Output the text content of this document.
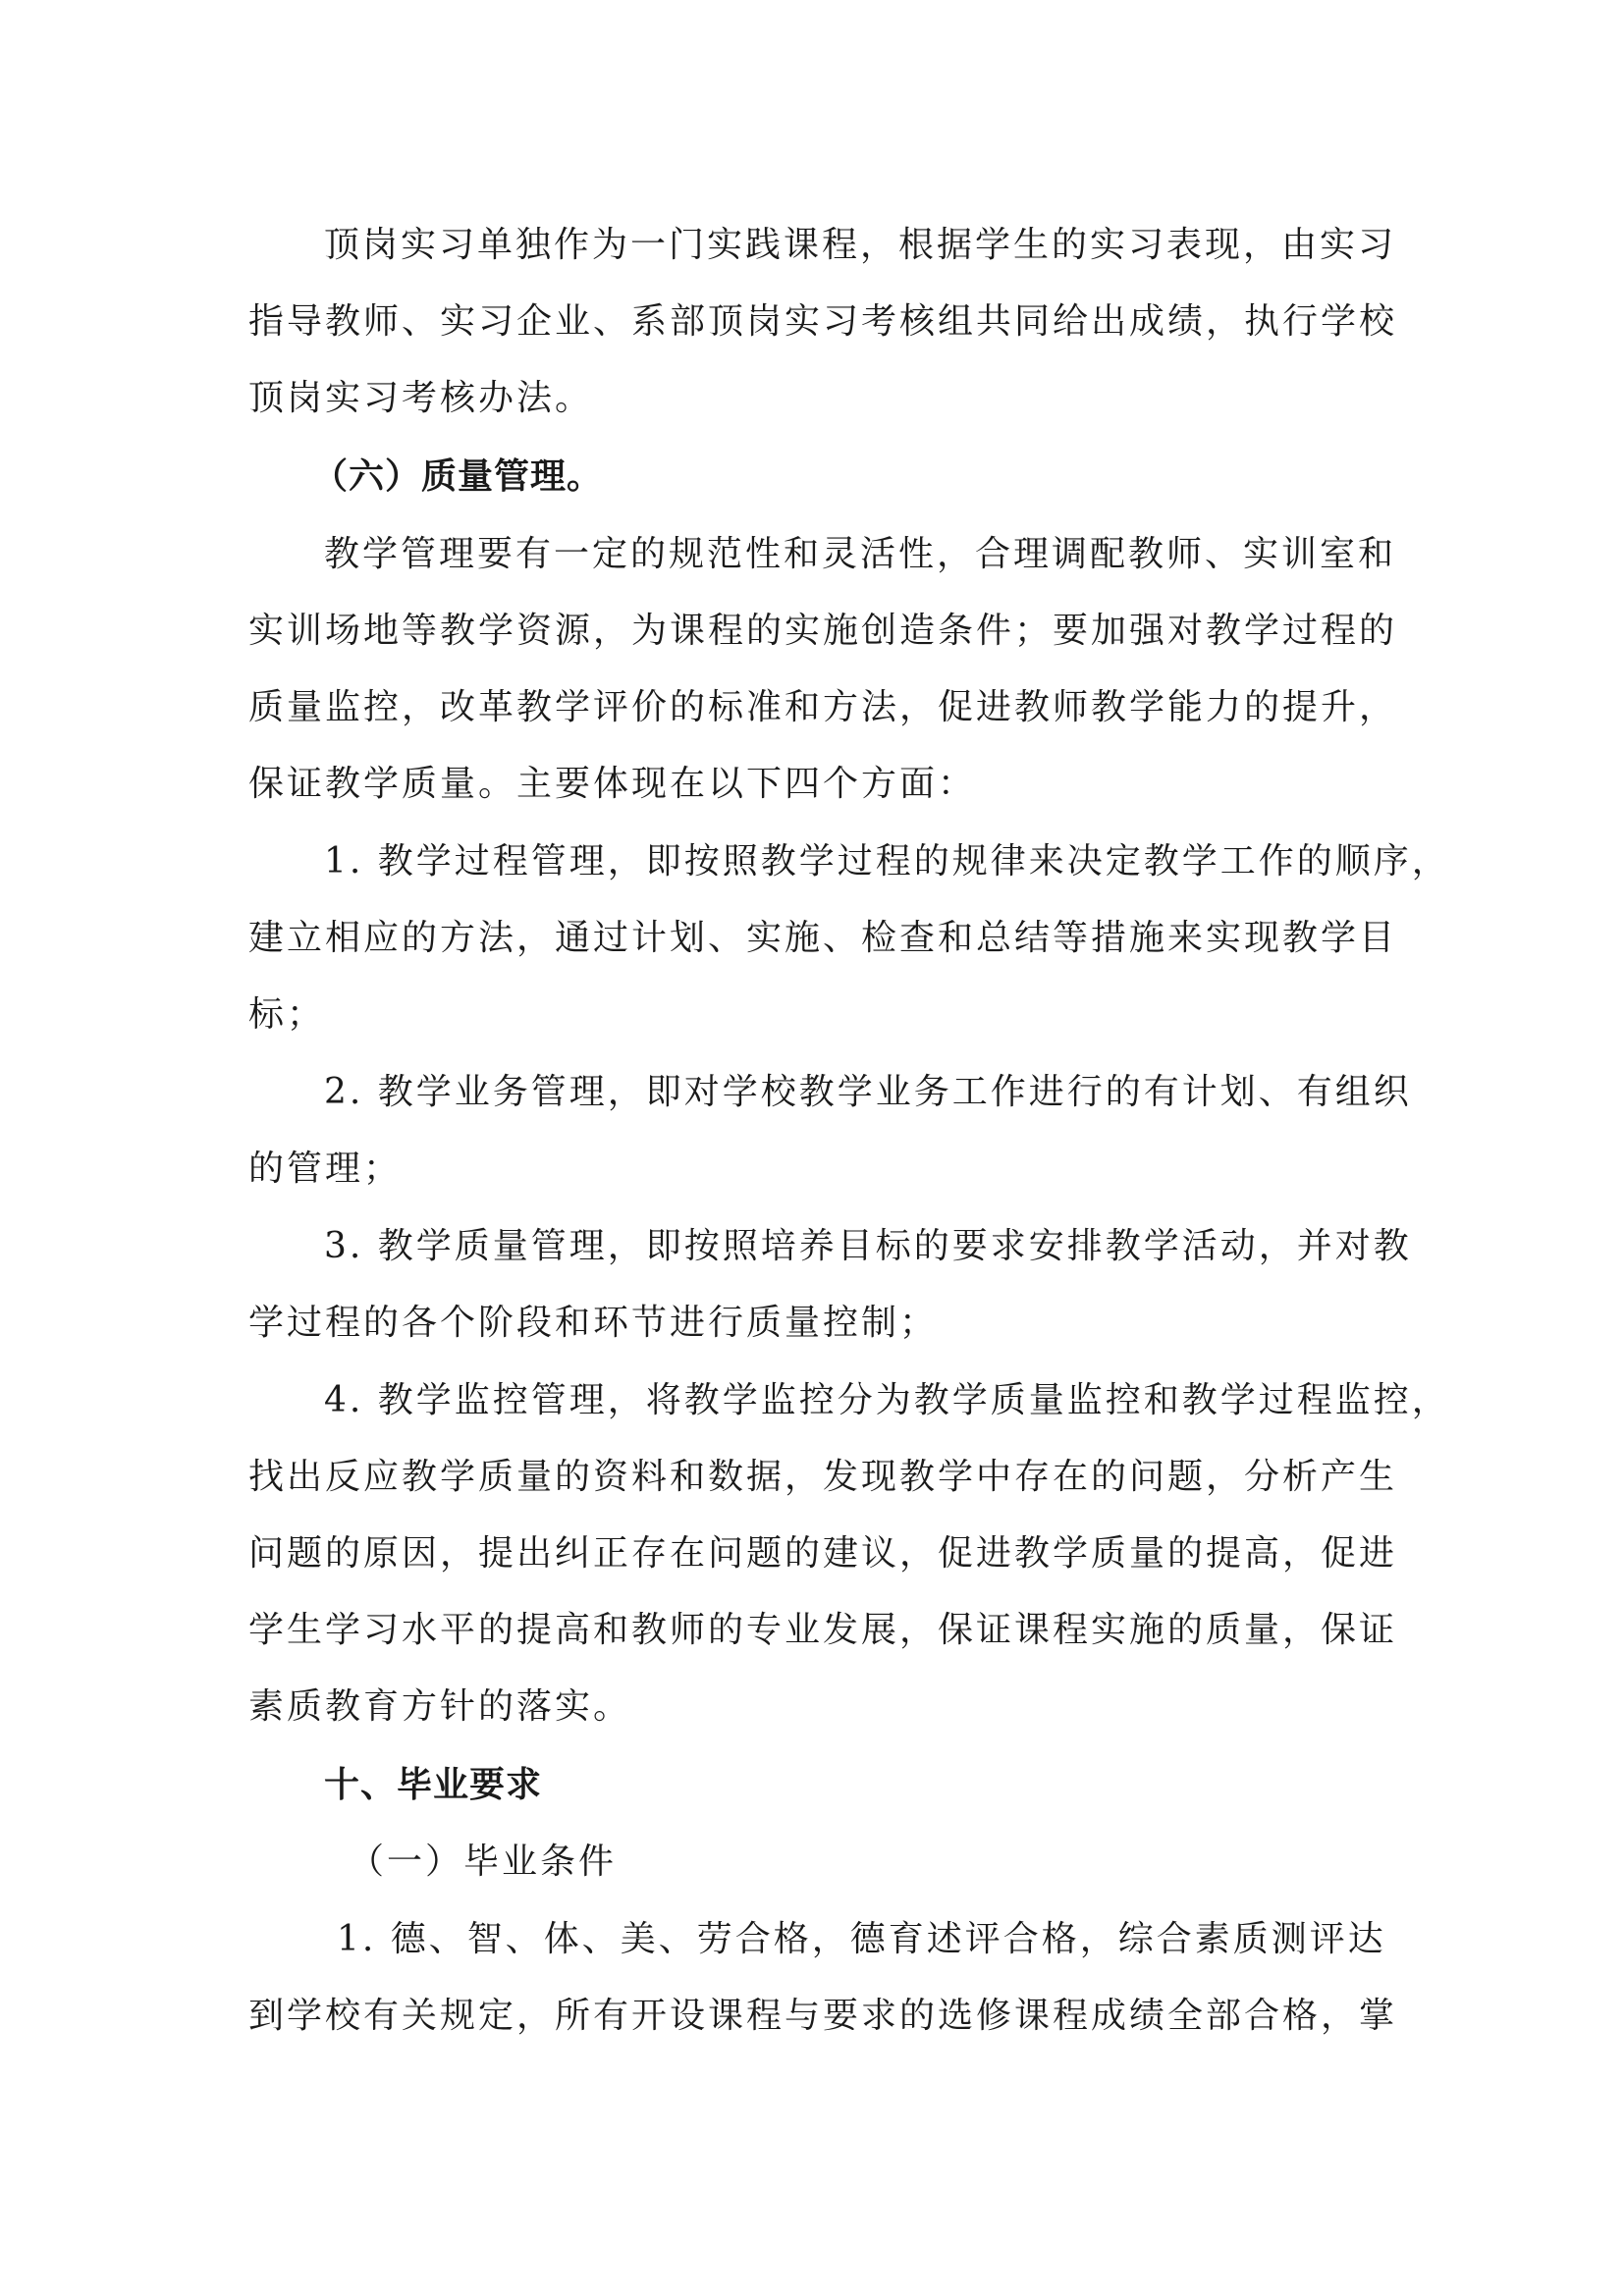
顶岗实习单独作为一门实践课程，根据学生的实习表现，由实习
指导教师、实习企业、系部顶岗实习考核组共同给出成绩，执行学校
顶岗实习考核办法。
（六）质量管理。
教学管理要有一定的规范性和灵活性，合理调配教师、实训室和
实训场地等教学资源，为课程的实施创造条件；要加强对教学过程的
质量监控，改革教学评价的标准和方法，促进教师教学能力的提升，
保证教学质量。主要体现在以下四个方面：
1. 教学过程管理，即按照教学过程的规律来决定教学工作的顺序，
建立相应的方法，通过计划、实施、检查和总结等措施来实现教学目
标；
2. 教学业务管理，即对学校教学业务工作进行的有计划、有组织
的管理；
3. 教学质量管理，即按照培养目标的要求安排教学活动，并对教
学过程的各个阶段和环节进行质量控制；
4. 教学监控管理，将教学监控分为教学质量监控和教学过程监控，
找出反应教学质量的资料和数据，发现教学中存在的问题，分析产生
问题的原因，提出纠正存在问题的建议，促进教学质量的提高，促进
学生学习水平的提高和教师的专业发展，保证课程实施的质量，保证
素质教育方针的落实。
十、毕业要求
（一）毕业条件
1. 德、智、体、美、劳合格，德育述评合格，综合素质测评达
到学校有关规定，所有开设课程与要求的选修课程成绩全部合格，掌
